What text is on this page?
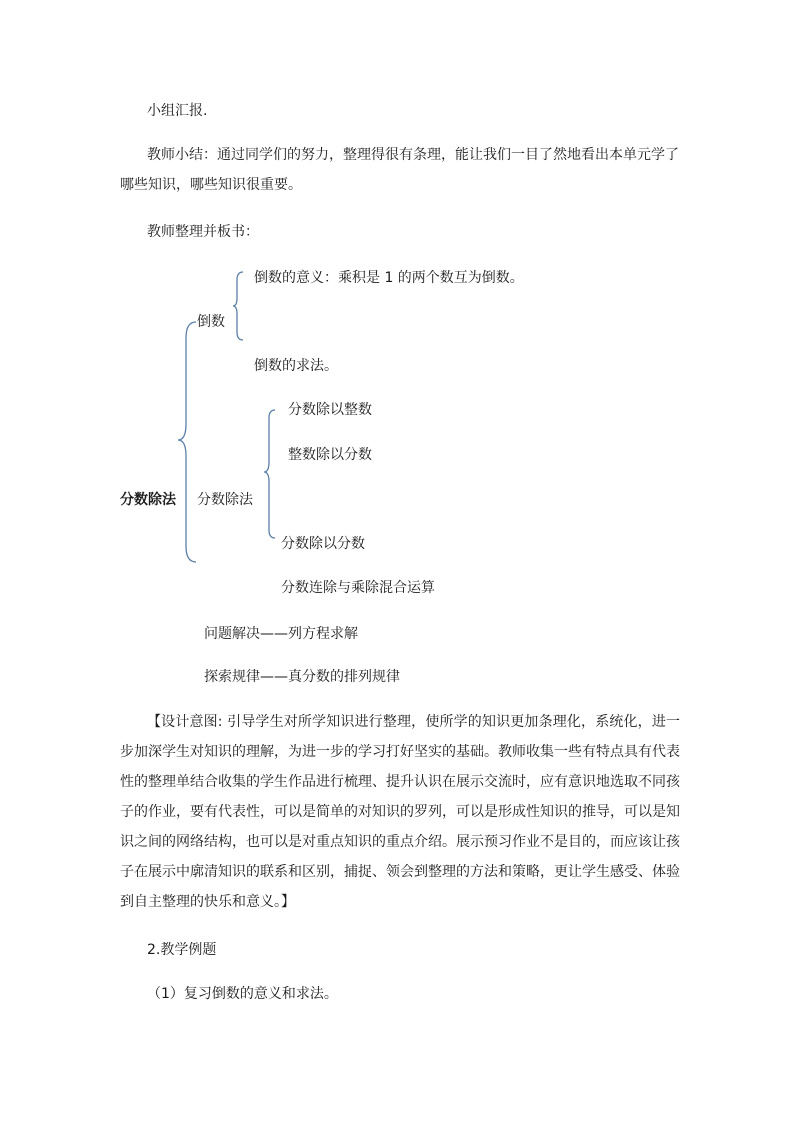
小组汇报.
教师小结：通过同学们的努力，整理得很有条理，能让我们一目了然地看出本单元学了
哪些知识，哪些知识很重要。
教师整理并板书：
分数除法
倒数
倒数的意义：乘积是 1 的两个数互为倒数。
倒数的求法。
分数除法
分数除以整数
整数除以分数
分数除以分数
分数连除与乘除混合运算
问题解决——列方程求解
探索规律——真分数的排列规律
【设计意图: 引导学生对所学知识进行整理，使所学的知识更加条理化，系统化，进一步加深学生对知识的理解，为进一步的学习打好坚实的基础。教师收集一些有特点具有代表性的整理单结合收集的学生作品进行梳理、提升认识在展示交流时，应有意识地选取不同孩子的作业，要有代表性，可以是简单的对知识的罗列，可以是形成性知识的推导，可以是知识之间的网络结构，也可以是对重点知识的重点介绍。展示预习作业不是目的，而应该让孩子在展示中廓清知识的联系和区别，捕捉、领会到整理的方法和策略，更让学生感受、体验到自主整理的快乐和意义。】
2.教学例题
（1）复习倒数的意义和求法。
